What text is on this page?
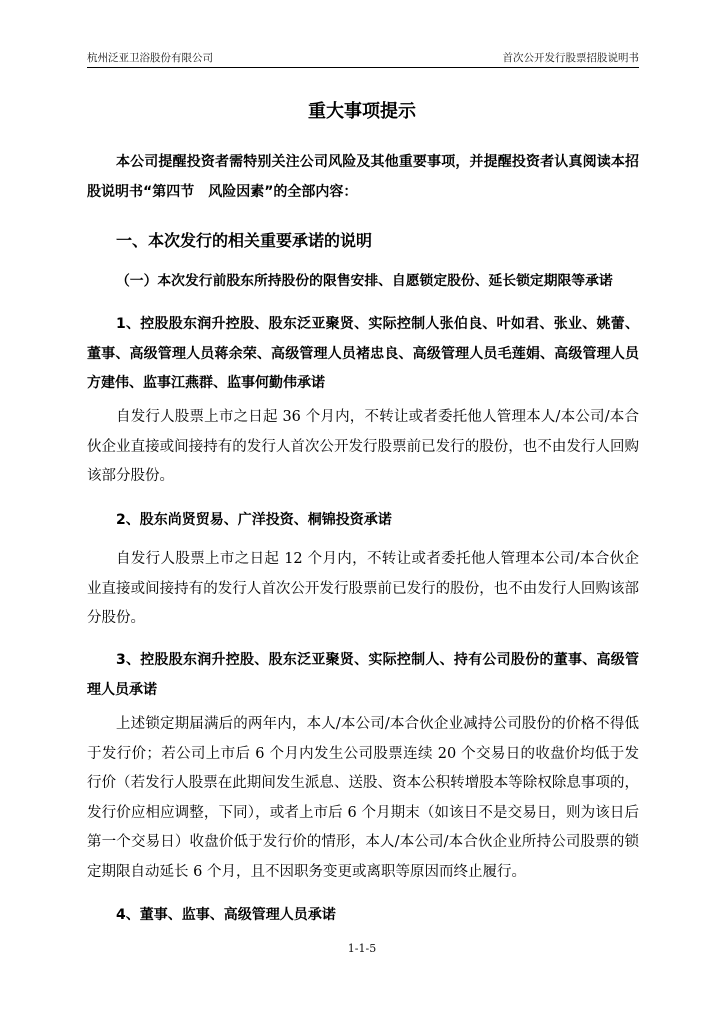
杭州泛亚卫浴股份有限公司	首次公开发行股票招股说明书
重大事项提示
本公司提醒投资者需特别关注公司风险及其他重要事项，并提醒投资者认真阅读本招股说明书“第四节　风险因素”的全部内容：
一、本次发行的相关重要承诺的说明
（一）本次发行前股东所持股份的限售安排、自愿锁定股份、延长锁定期限等承诺
1、控股股东润升控股、股东泛亚聚贤、实际控制人张伯良、叶如君、张业、姚蕾、董事、高级管理人员蒋余荣、高级管理人员褚忠良、高级管理人员毛莲娟、高级管理人员方建伟、监事江燕群、监事何勤伟承诺
自发行人股票上市之日起 36 个月内，不转让或者委托他人管理本人/本公司/本合伙企业直接或间接持有的发行人首次公开发行股票前已发行的股份，也不由发行人回购该部分股份。
2、股东尚贤贸易、广洋投资、桐锦投资承诺
自发行人股票上市之日起 12 个月内，不转让或者委托他人管理本公司/本合伙企业直接或间接持有的发行人首次公开发行股票前已发行的股份，也不由发行人回购该部分股份。
3、控股股东润升控股、股东泛亚聚贤、实际控制人、持有公司股份的董事、高级管理人员承诺
上述锁定期届满后的两年内，本人/本公司/本合伙企业减持公司股份的价格不得低于发行价；若公司上市后 6 个月内发生公司股票连续 20 个交易日的收盘价均低于发行价（若发行人股票在此期间发生派息、送股、资本公积转增股本等除权除息事项的，发行价应相应调整，下同），或者上市后 6 个月期末（如该日不是交易日，则为该日后第一个交易日）收盘价低于发行价的情形，本人/本公司/本合伙企业所持公司股票的锁定期限自动延长 6 个月，且不因职务变更或离职等原因而终止履行。
4、董事、监事、高级管理人员承诺
1-1-5
